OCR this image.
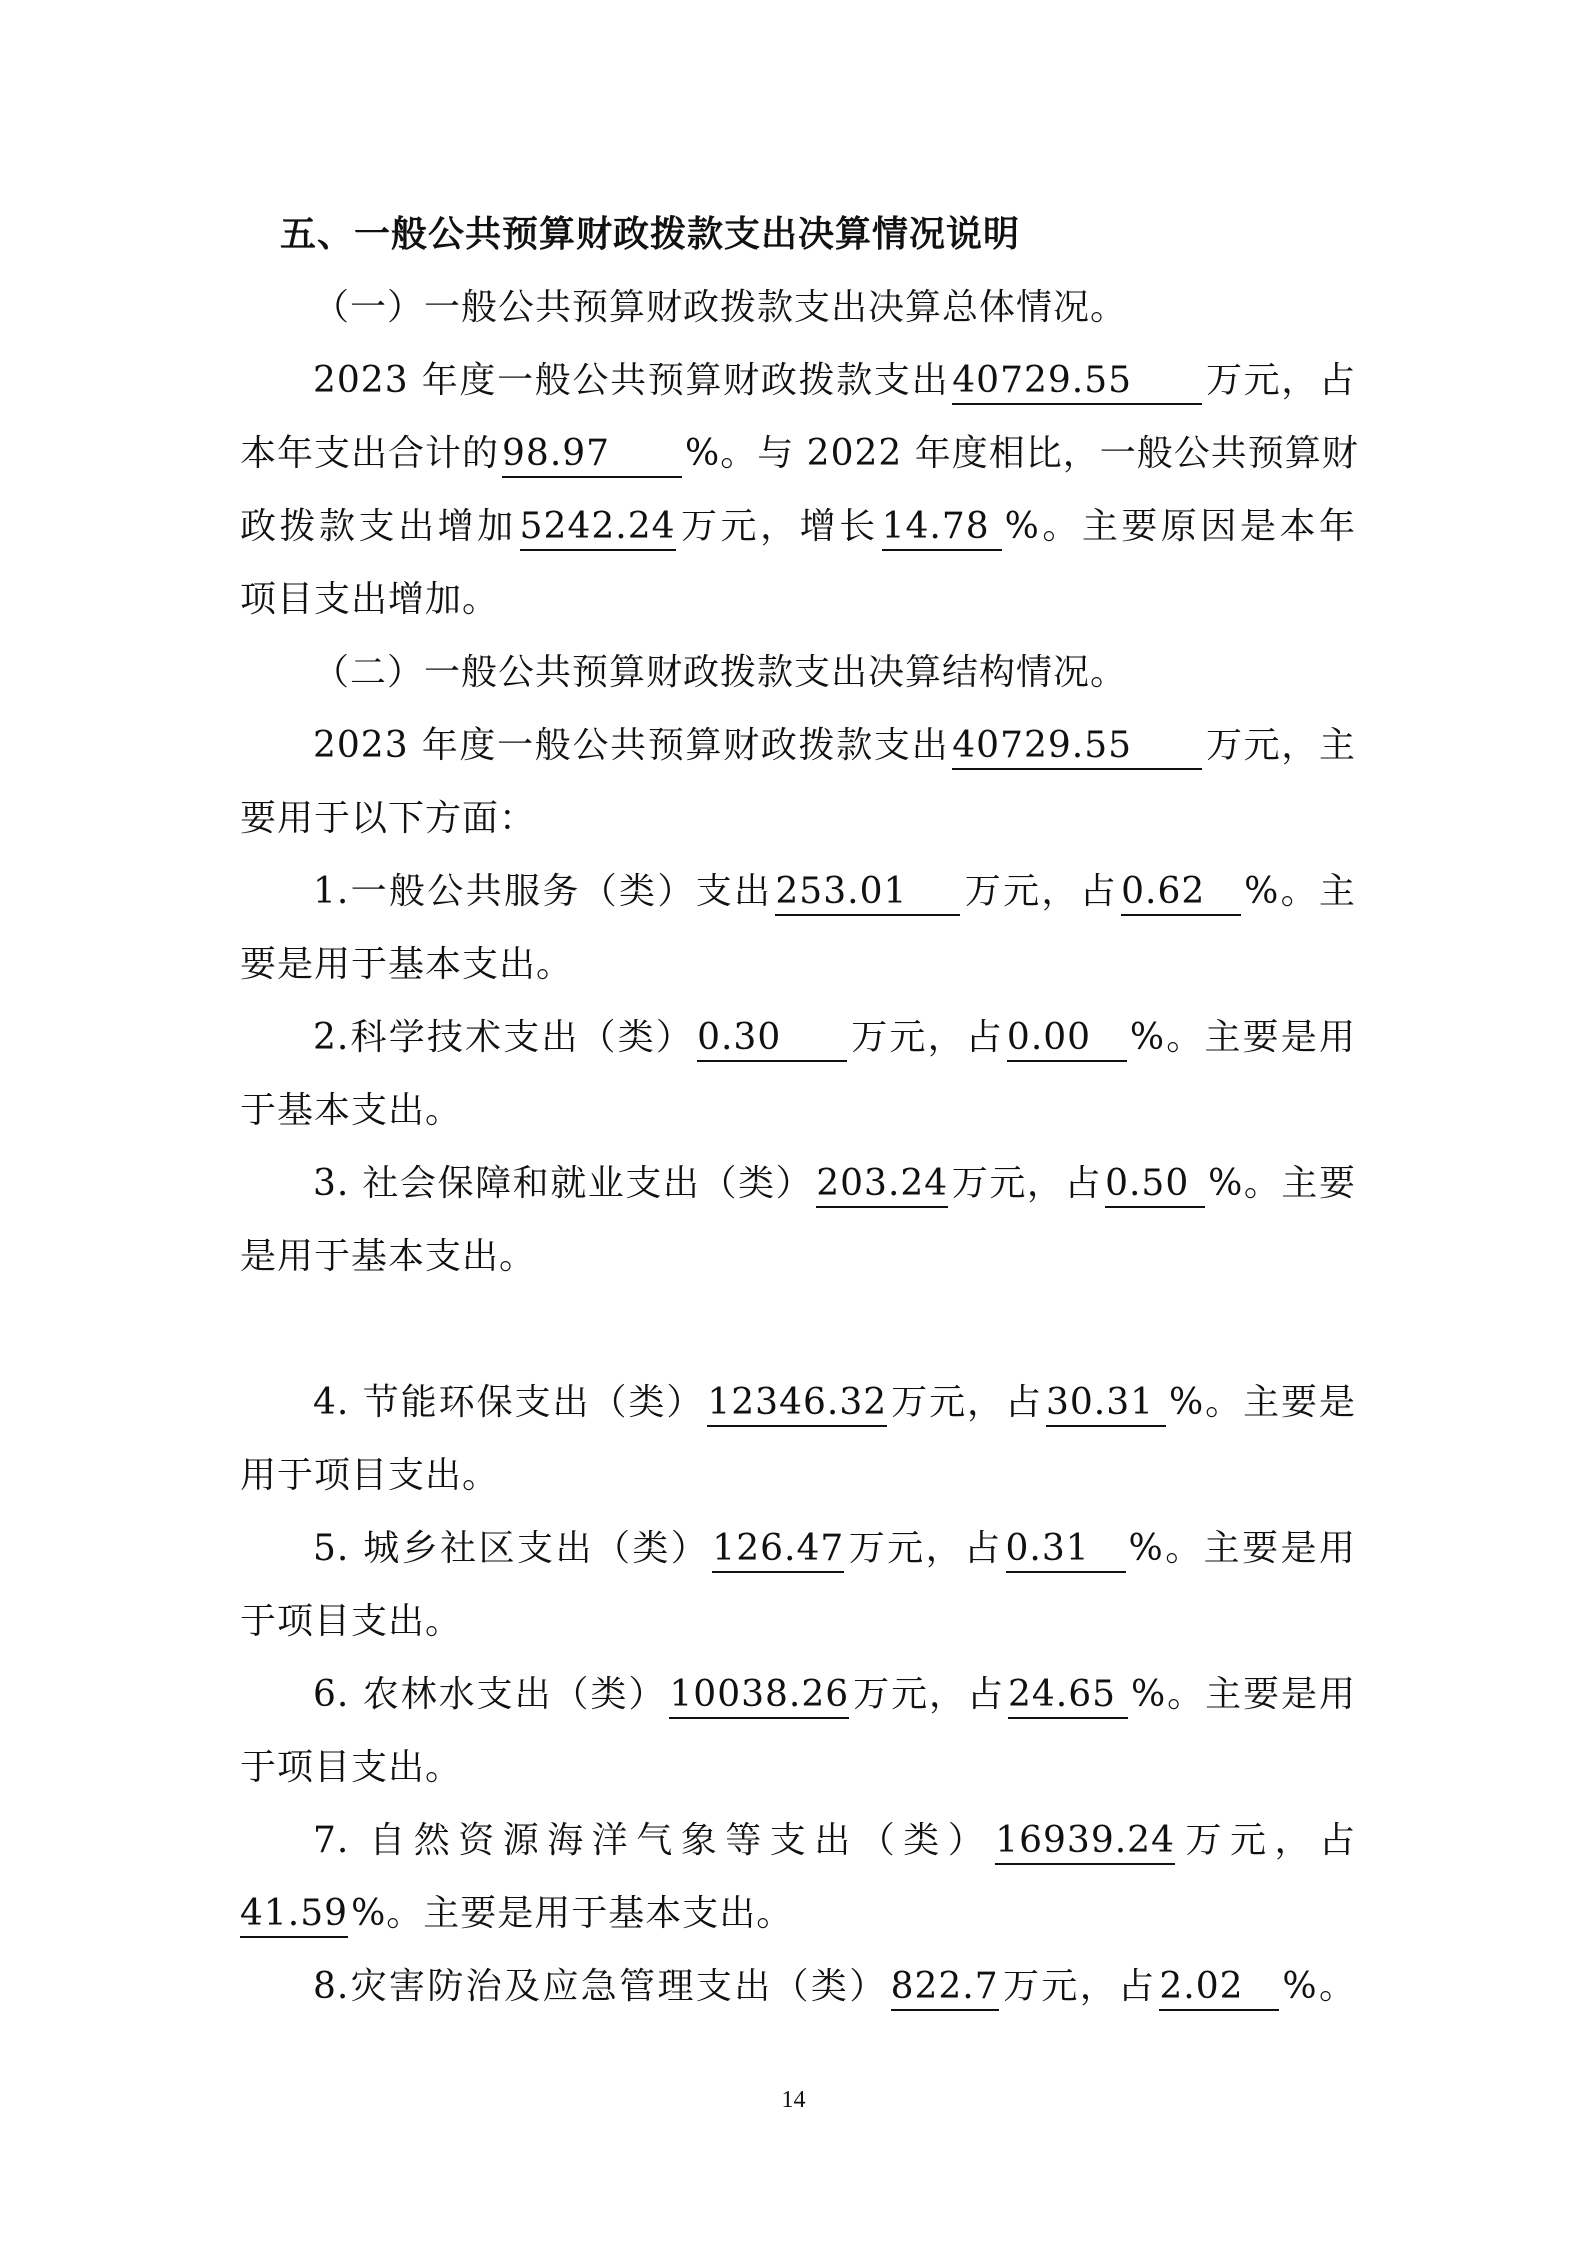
五、一般公共预算财政拨款支出决算情况说明
（一）一般公共预算财政拨款支出决算总体情况。
2023 年度一般公共预算财政拨款支出40729.55 万元，占
本年支出合计的98.97 %。与 2022 年度相比，一般公共预算财
政拨款支出增加5242.24万元，增长14.78 %。主要原因是本年
项目支出增加。
（二）一般公共预算财政拨款支出决算结构情况。
2023 年度一般公共预算财政拨款支出40729.55 万元，主
要用于以下方面：
1.一般公共服务（类）支出253.01 万元，占0.62 %。主
要是用于基本支出。
2.科学技术支出（类）0.30 万元，占0.00 %。主要是用
于基本支出。
3. 社会保障和就业支出（类）203.24万元，占0.50 %。主要
是用于基本支出。
4. 节能环保支出（类）12346.32万元，占30.31 %。主要是
用于项目支出。
5. 城乡社区支出（类）126.47万元，占0.31 %。主要是用
于项目支出。
6. 农林水支出（类）10038.26万元，占24.65 %。主要是用
于项目支出。
7. 自然资源海洋气象等支出（类）16939.24万元，占
41.59%。主要是用于基本支出。
8.灾害防治及应急管理支出（类）822.7万元，占2.02 %。
14
